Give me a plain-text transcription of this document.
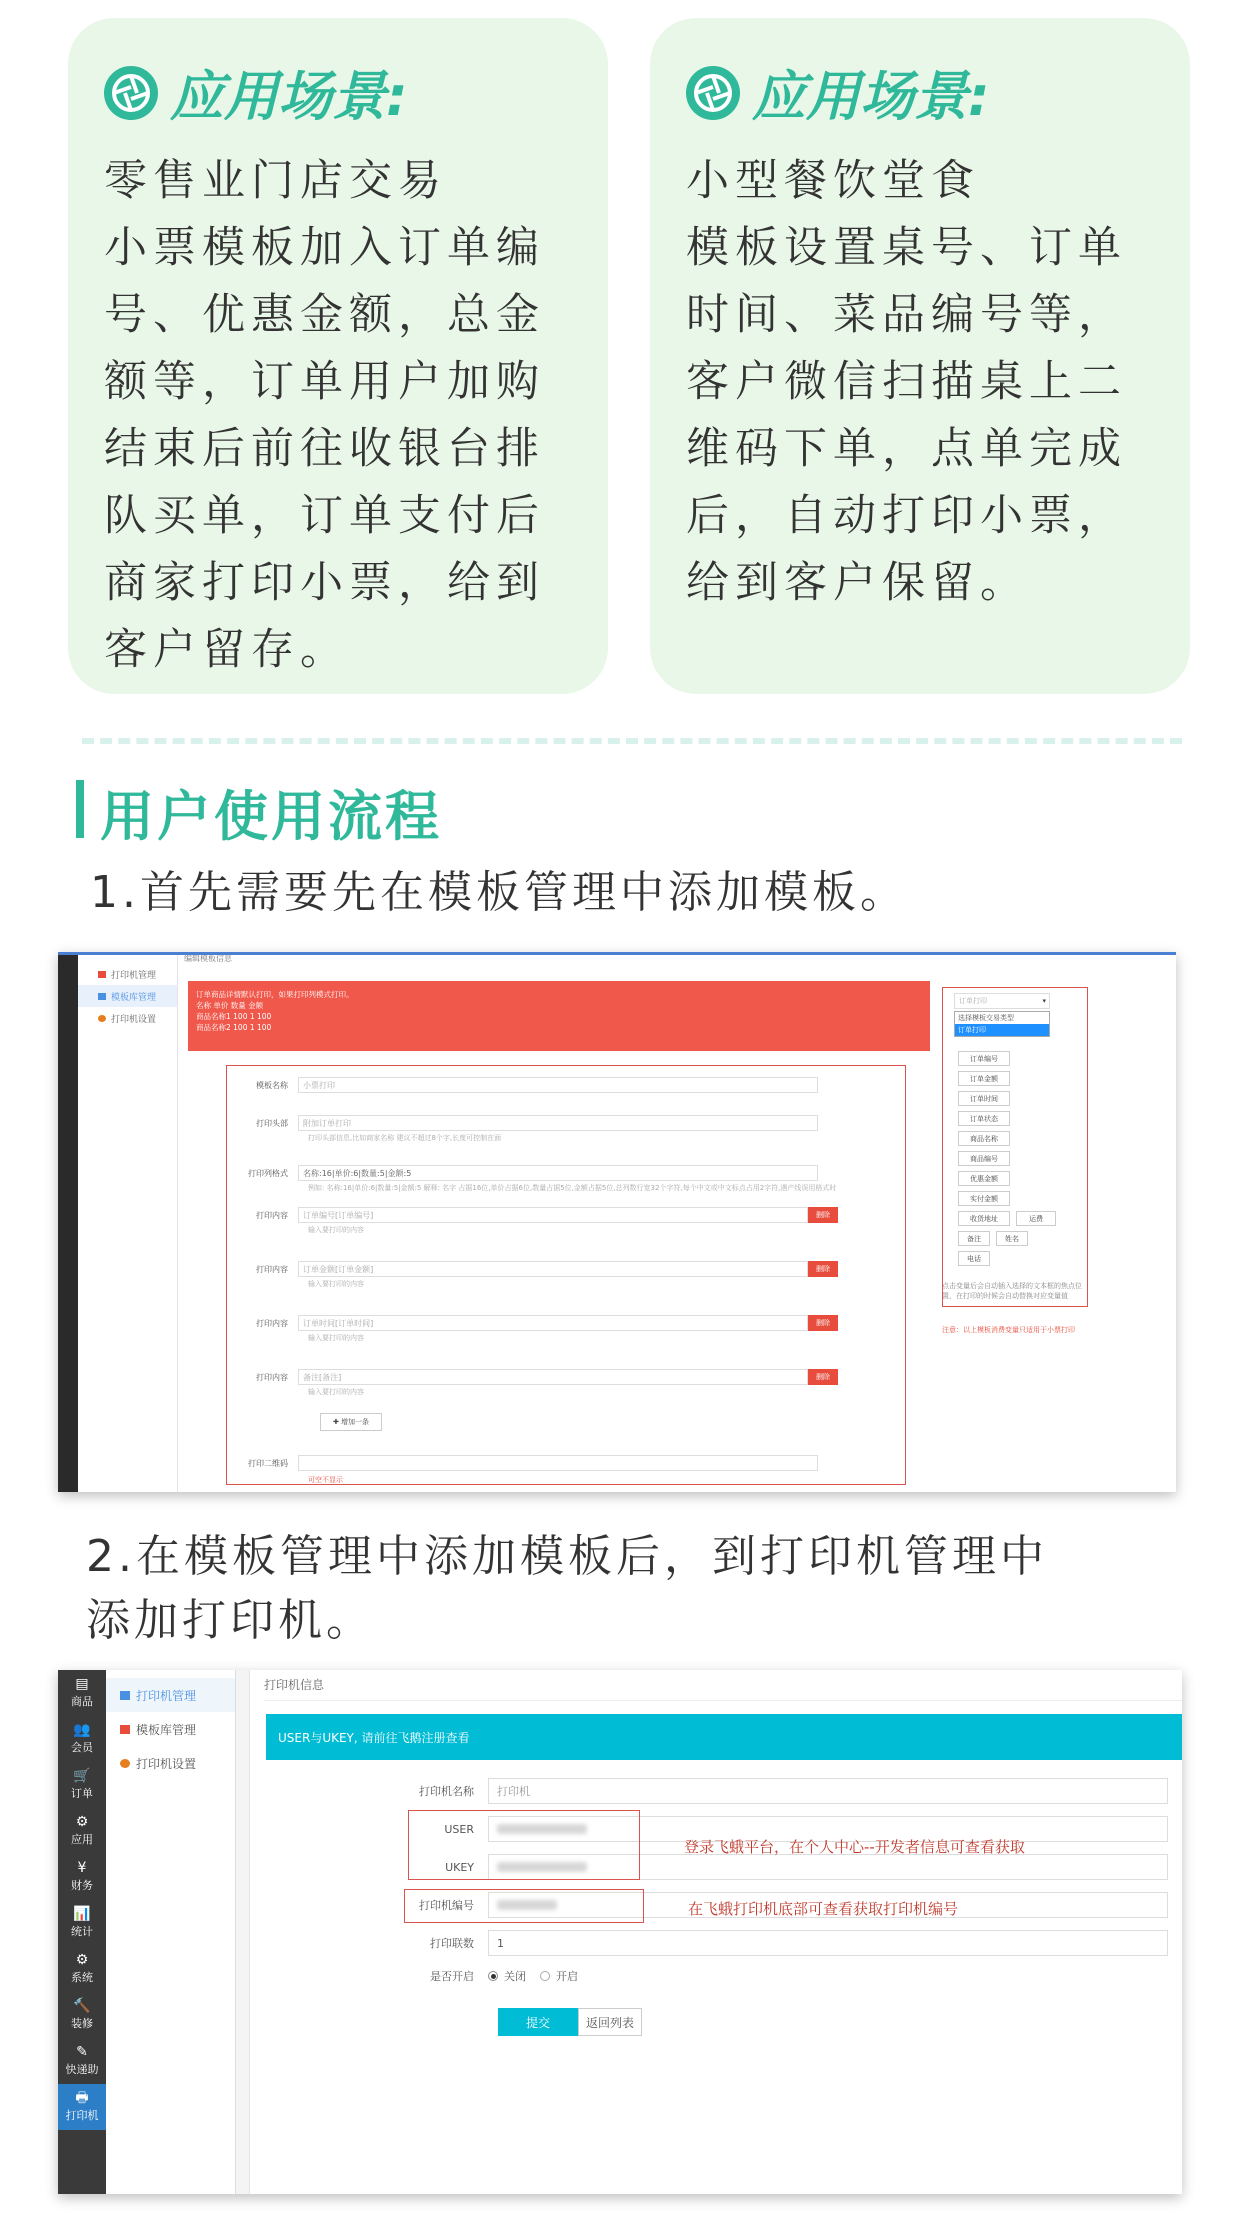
应用场景:
零售业门店交易
小票模板加入订单编
号、优惠金额，总金
额等，订单用户加购
结束后前往收银台排
队买单，订单支付后
商家打印小票，给到
客户留存。
应用场景:
小型餐饮堂食
模板设置桌号、订单
时间、菜品编号等，
客户微信扫描桌上二
维码下单，点单完成
后，自动打印小票，
给到客户保留。
用户使用流程
1.首先需要先在模板管理中添加模板。
打印机管理
模板库管理
打印机设置
编辑模板信息
订单商品详情默认打印，如果打印列模式打印。
名称 单价 数量 金额
商品名称1 100 1 100
商品名称2 100 1 100
模板名称	小票打印
打印头部	附加订单打印
打印头部信息,比如商家名称 建议不超过8个字,长度可控制在面
打印列格式	名称:16|单价:6|数量:5|金额:5
例如: 名称:16|单价:6|数量:5|金额:5 解释: 名字 占据16位,单价占据6位,数量占据5位,金额占据5位,总列数行宽32个字符,每个中文或中文标点占用2字符,遇产线误用格式时
打印内容	订单编号[订单编号]	删除
输入要打印的内容
打印内容	订单金额[订单金额]	删除
输入要打印的内容
打印内容	订单时间[订单时间]	删除
输入要打印的内容
打印内容	备注[备注]	删除
输入要打印的内容
✚ 增加一条
打印二维码
可空不显示
订单打印	▾
选择模板交易类型
订单打印
订单编号
订单金额
订单时间
订单状态
商品名称
商品编号
优惠金额
实付金额
收货地址	运费
备注	姓名
电话
点击变量后会自动插入选择的文本框的焦点位置，在打印的时候会自动替换对应变量值
注意：以上模板消费变量只适用于小票打印
2.在模板管理中添加模板后，到打印机管理中
添加打印机。
▤
商品
👥
会员
🛒
订单
⚙
应用
¥
财务
📊
统计
⚙
系统
🔨
装修
✎
快递助
🖶
打印机
打印机管理
模板库管理
打印机设置
打印机信息
USER与UKEY, 请前往飞鹅注册查看
打印机名称	打印机
USER
UKEY
打印机编号
打印联数	1
是否开启	关闭	开启
提交	返回列表
登录飞蛾平台，在个人中心--开发者信息可查看获取
在飞蛾打印机底部可查看获取打印机编号
